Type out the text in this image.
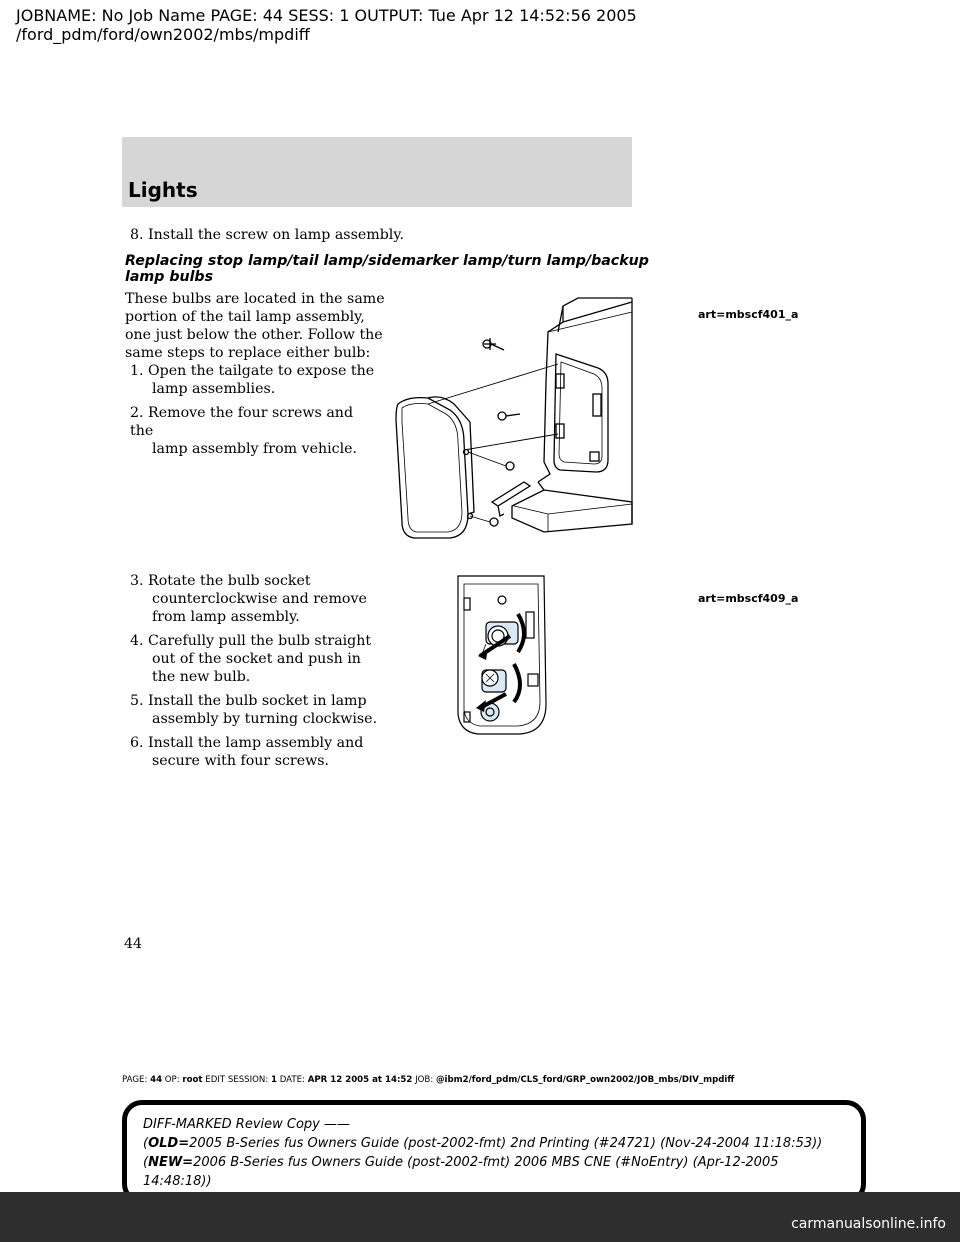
JOBNAME: No Job Name PAGE: 44 SESS: 1 OUTPUT: Tue Apr 12 14:52:56 2005
/ford_pdm/ford/own2002/mbs/mpdiff
Lights
8. Install the screw on lamp assembly.
Replacing stop lamp/tail lamp/sidemarker lamp/turn lamp/backup
lamp bulbs
These bulbs are located in the same
portion of the tail lamp assembly,
one just below the other. Follow the
same steps to replace either bulb:
1. Open the tailgate to expose the
lamp assemblies.
2. Remove the four screws and the
lamp assembly from vehicle.
3. Rotate the bulb socket
counterclockwise and remove
from lamp assembly.
4. Carefully pull the bulb straight
out of the socket and push in
the new bulb.
5. Install the bulb socket in lamp
assembly by turning clockwise.
6. Install the lamp assembly and
secure with four screws.
art=mbscf401_a
art=mbscf409_a
44
PAGE: 44 OP: root EDIT SESSION: 1 DATE: APR 12 2005 at 14:52 JOB: @ibm2/ford_pdm/CLS_ford/GRP_own2002/JOB_mbs/DIV_mpdiff
DIFF-MARKED Review Copy ——
(OLD=2005 B-Series fus Owners Guide (post-2002-fmt) 2nd Printing (#24721) (Nov-24-2004 11:18:53))
(NEW=2006 B-Series fus Owners Guide (post-2002-fmt) 2006 MBS CNE (#NoEntry) (Apr-12-2005 14:48:18))
carmanualsonline.info
